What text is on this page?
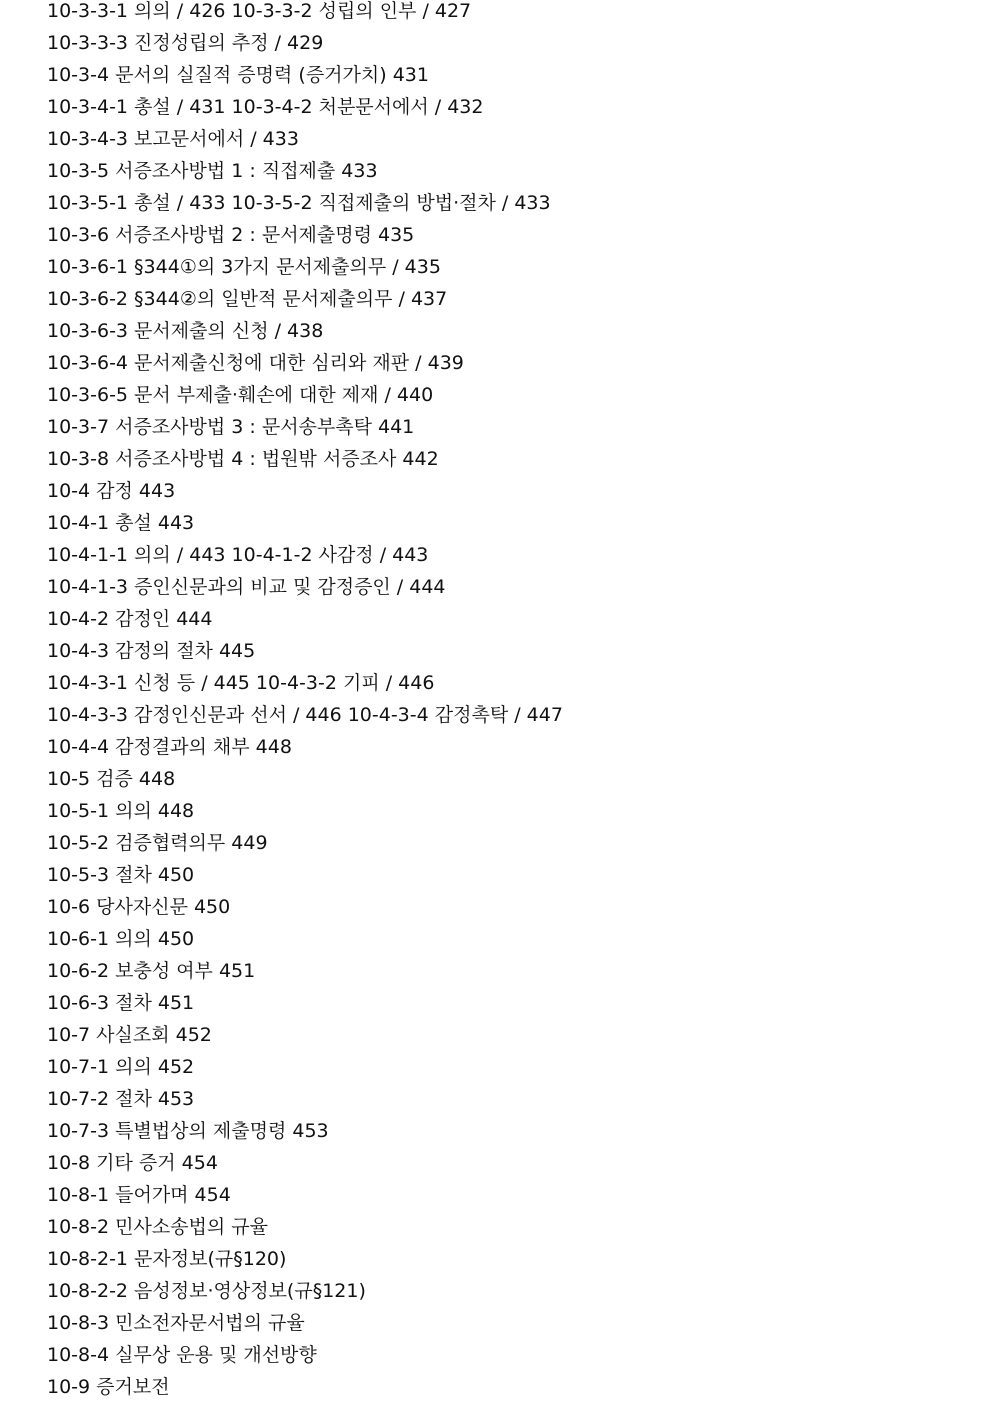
10-3-3-1 의의 / 426 10-3-3-2 성립의 인부 / 427
10-3-3-3 진정성립의 추정 / 429
10-3-4 문서의 실질적 증명력 (증거가치) 431
10-3-4-1 총설 / 431 10-3-4-2 처분문서에서 / 432
10-3-4-3 보고문서에서 / 433
10-3-5 서증조사방법 1 : 직접제출 433
10-3-5-1 총설 / 433 10-3-5-2 직접제출의 방법·절차 / 433
10-3-6 서증조사방법 2 : 문서제출명령 435
10-3-6-1 §344①의 3가지 문서제출의무 / 435
10-3-6-2 §344②의 일반적 문서제출의무 / 437
10-3-6-3 문서제출의 신청 / 438
10-3-6-4 문서제출신청에 대한 심리와 재판 / 439
10-3-6-5 문서 부제출·훼손에 대한 제재 / 440
10-3-7 서증조사방법 3 : 문서송부촉탁 441
10-3-8 서증조사방법 4 : 법원밖 서증조사 442
10-4 감정 443
10-4-1 총설 443
10-4-1-1 의의 / 443 10-4-1-2 사감정 / 443
10-4-1-3 증인신문과의 비교 및 감정증인 / 444
10-4-2 감정인 444
10-4-3 감정의 절차 445
10-4-3-1 신청 등 / 445 10-4-3-2 기피 / 446
10-4-3-3 감정인신문과 선서 / 446 10-4-3-4 감정촉탁 / 447
10-4-4 감정결과의 채부 448
10-5 검증 448
10-5-1 의의 448
10-5-2 검증협력의무 449
10-5-3 절차 450
10-6 당사자신문 450
10-6-1 의의 450
10-6-2 보충성 여부 451
10-6-3 절차 451
10-7 사실조회 452
10-7-1 의의 452
10-7-2 절차 453
10-7-3 특별법상의 제출명령 453
10-8 기타 증거 454
10-8-1 들어가며 454
10-8-2 민사소송법의 규율
10-8-2-1 문자정보(규§120)
10-8-2-2 음성정보·영상정보(규§121)
10-8-3 민소전자문서법의 규율
10-8-4 실무상 운용 및 개선방향
10-9 증거보전
